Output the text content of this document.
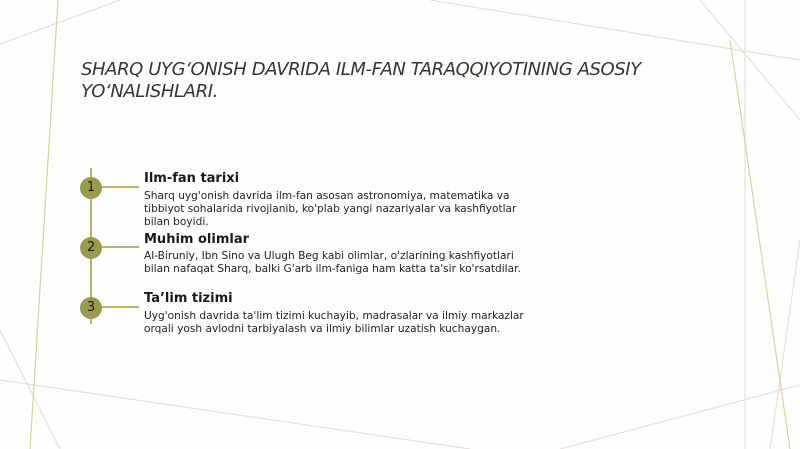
SHARQ UYG‘ONISH DAVRIDA ILM-FAN TARAQQIYOTINING ASOSIY YO‘NALISHLARI.
1

Ilm-fan tarixi

Sharq uyg'onish davrida ilm-fan asosan astronomiya, matematika va tibbiyot sohalarida rivojlanib, ko'plab yangi nazariyalar va kashfiyotlar bilan boyidi.

2

Muhim olimlar

Al-Biruniy, Ibn Sino va Ulugh Beg kabi olimlar, o'zlarining kashfiyotlari bilan nafaqat Sharq, balki G'arb ilm-faniga ham katta ta'sir ko'rsatdilar.

3

Ta’lim tizimi

Uyg'onish davrida ta'lim tizimi kuchayib, madrasalar va ilmiy markazlar orqali yosh avlodni tarbiyalash va ilmiy bilimlar uzatish kuchaygan.
